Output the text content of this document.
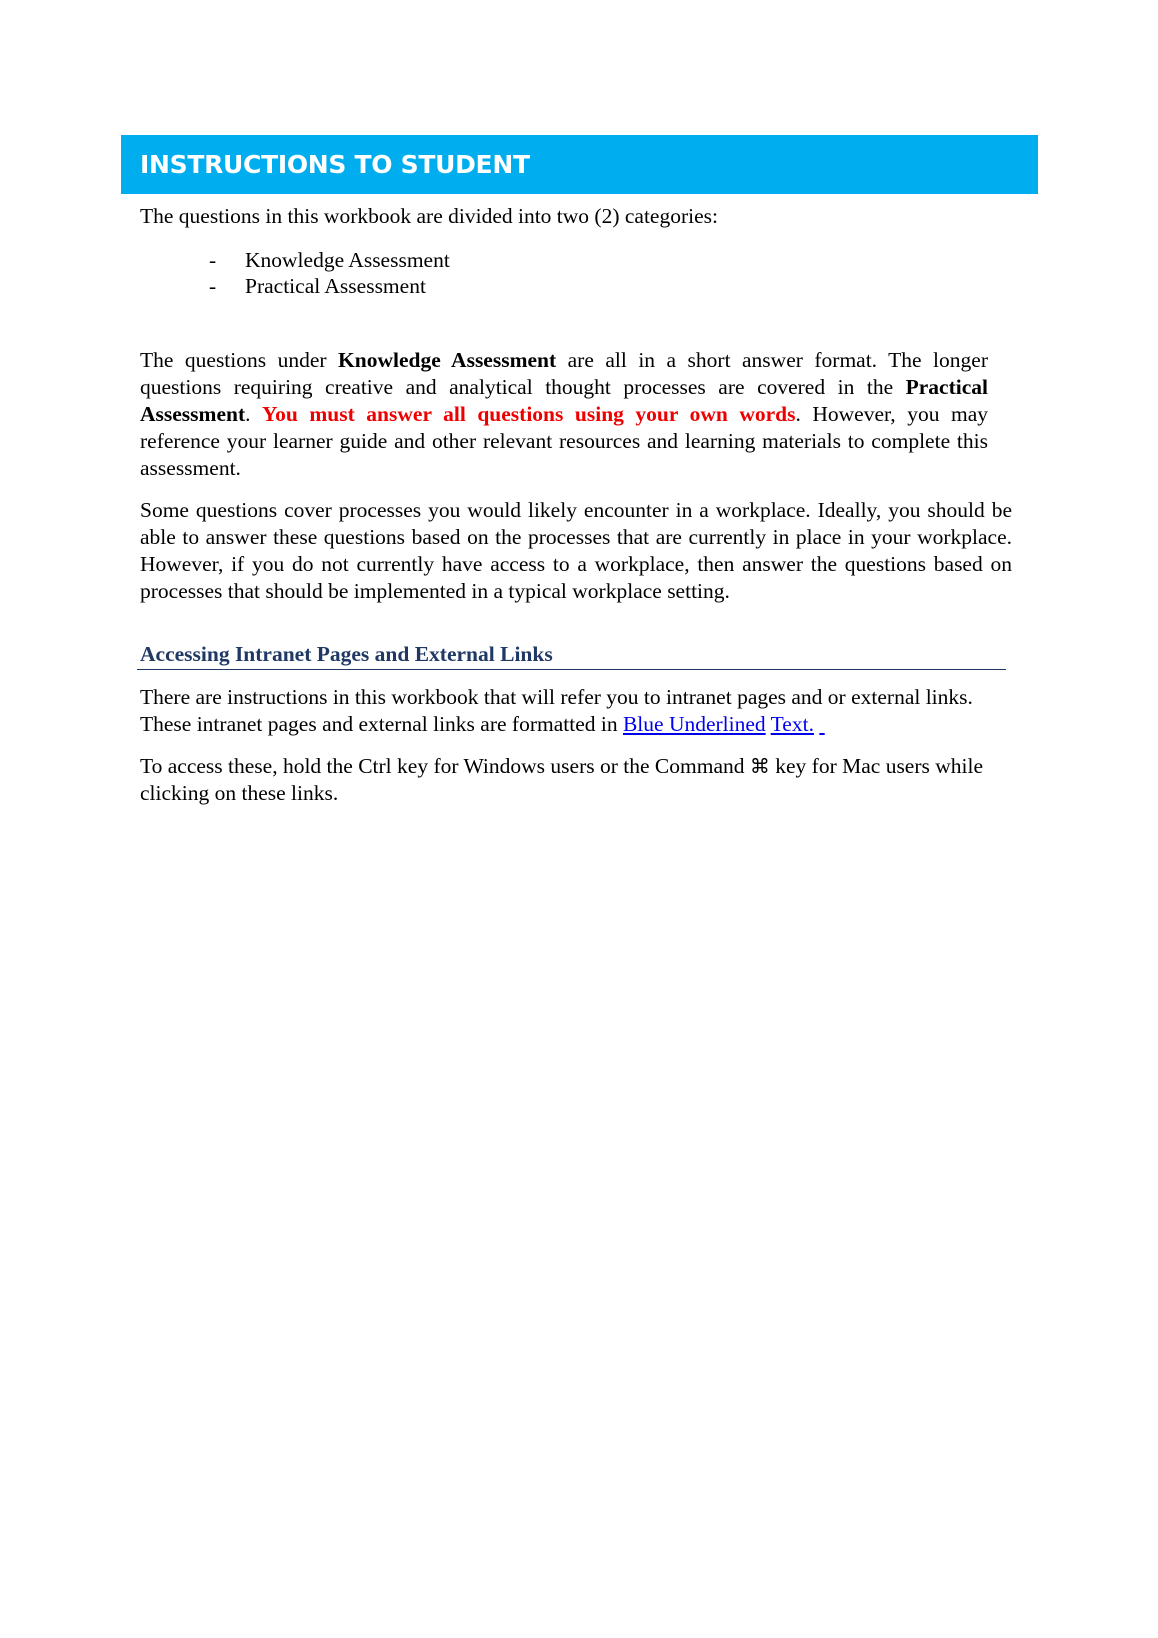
INSTRUCTIONS TO STUDENT

The questions in this workbook are divided into two (2) categories:

- Knowledge Assessment
- Practical Assessment

The questions under Knowledge Assessment are all in a short answer format. The longer questions requiring creative and analytical thought processes are covered in the Practical Assessment. You must answer all questions using your own words. However, you may reference your learner guide and other relevant resources and learning materials to complete this assessment.

Some questions cover processes you would likely encounter in a workplace. Ideally, you should be able to answer these questions based on the processes that are currently in place in your workplace. However, if you do not currently have access to a workplace, then answer the questions based on processes that should be implemented in a typical workplace setting.

Accessing Intranet Pages and External Links

There are instructions in this workbook that will refer you to intranet pages and or external links.
These intranet pages and external links are formatted in Blue Underlined Text.

To access these, hold the Ctrl key for Windows users or the Command ⌘ key for Mac users while clicking on these links.
